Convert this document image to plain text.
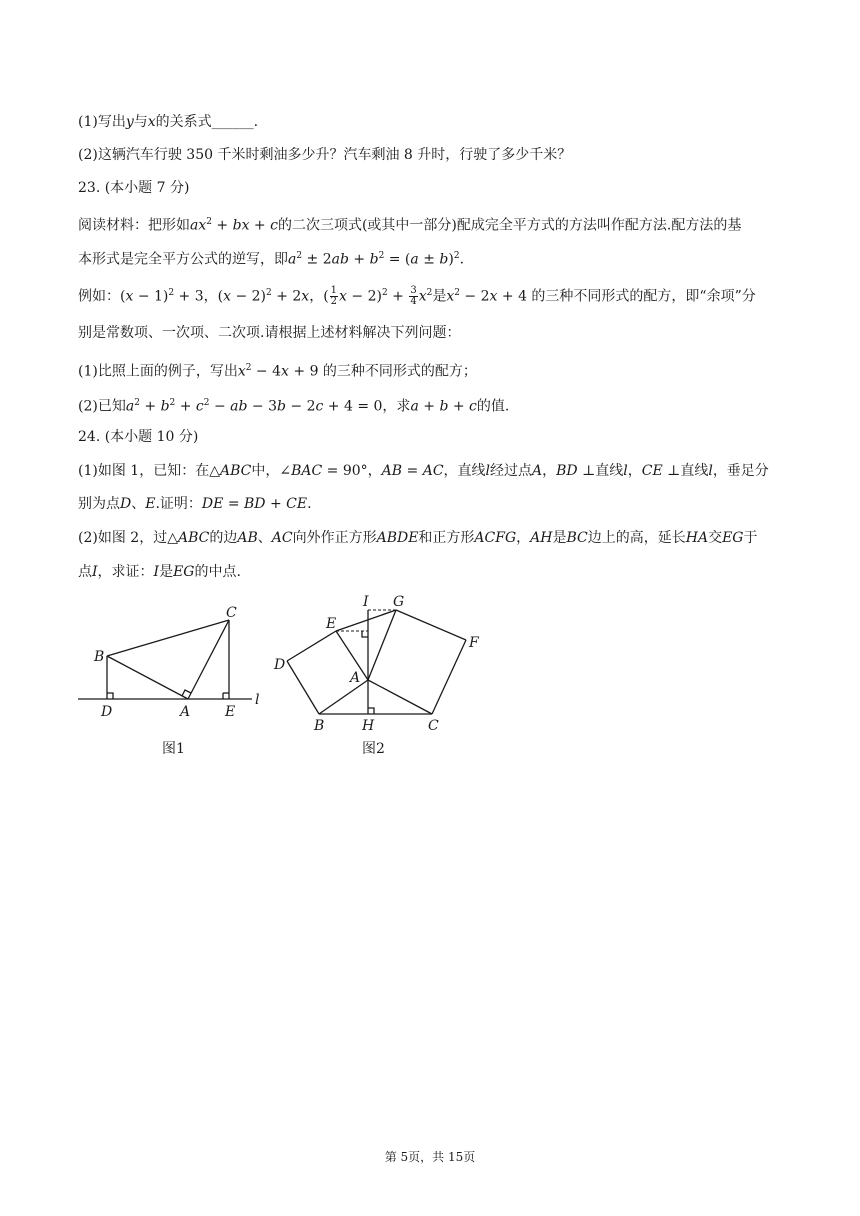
(1)写出y与x的关系式______.
(2)这辆汽车行驶 350 千米时剩油多少升？汽车剩油 8 升时，行驶了多少千米？
23. (本小题 7 分)
阅读材料：把形如$ax^2$ + bx + c的二次三项式(或其中一部分)配成完全平方式的方法叫作配方法.配方法的基
本形式是完全平方公式的逆写，即$a^2 \pm 2ab + b^2 = (a \pm b)^2$.
例如：$(x - 1)^2 + 3$，$(x - 2)^2 + 2x$，( $\frac{1}{2}$ $x - 2)^2 + \frac{3}{4} x^2$是$x^2 - 2x + 4$ 的三种不同形式的配方，即“余项”分
别是常数项、一次项、二次项.请根据上述材料解决下列问题：
(1)比照上面的例子，写出$x^2 - 4x + 9$ 的三种不同形式的配方；
(2)已知$a^2 + b^2 + c^2$ − ab − 3b − 2c + 4 = 0，求a + b + c的值.
24. (本小题 10 分)
(1)如图 1，已知：在△ABC中，∠BAC = 90°，AB = AC，直线l经过点A，BD ⊥直线l，CE ⊥直线l，垂足分
别为点D、E.证明：DE = BD + CE.
(2)如图 2，过△ABC的边AB、AC向外作正方形ABDE和正方形ACFG，AH是BC边上的高，延长HA交EG于
点I，求证：I是EG的中点.
B
C
D	A E
l
图1
I G
E
F
D
A
B	H	C
图2
第 5页，共 15页
